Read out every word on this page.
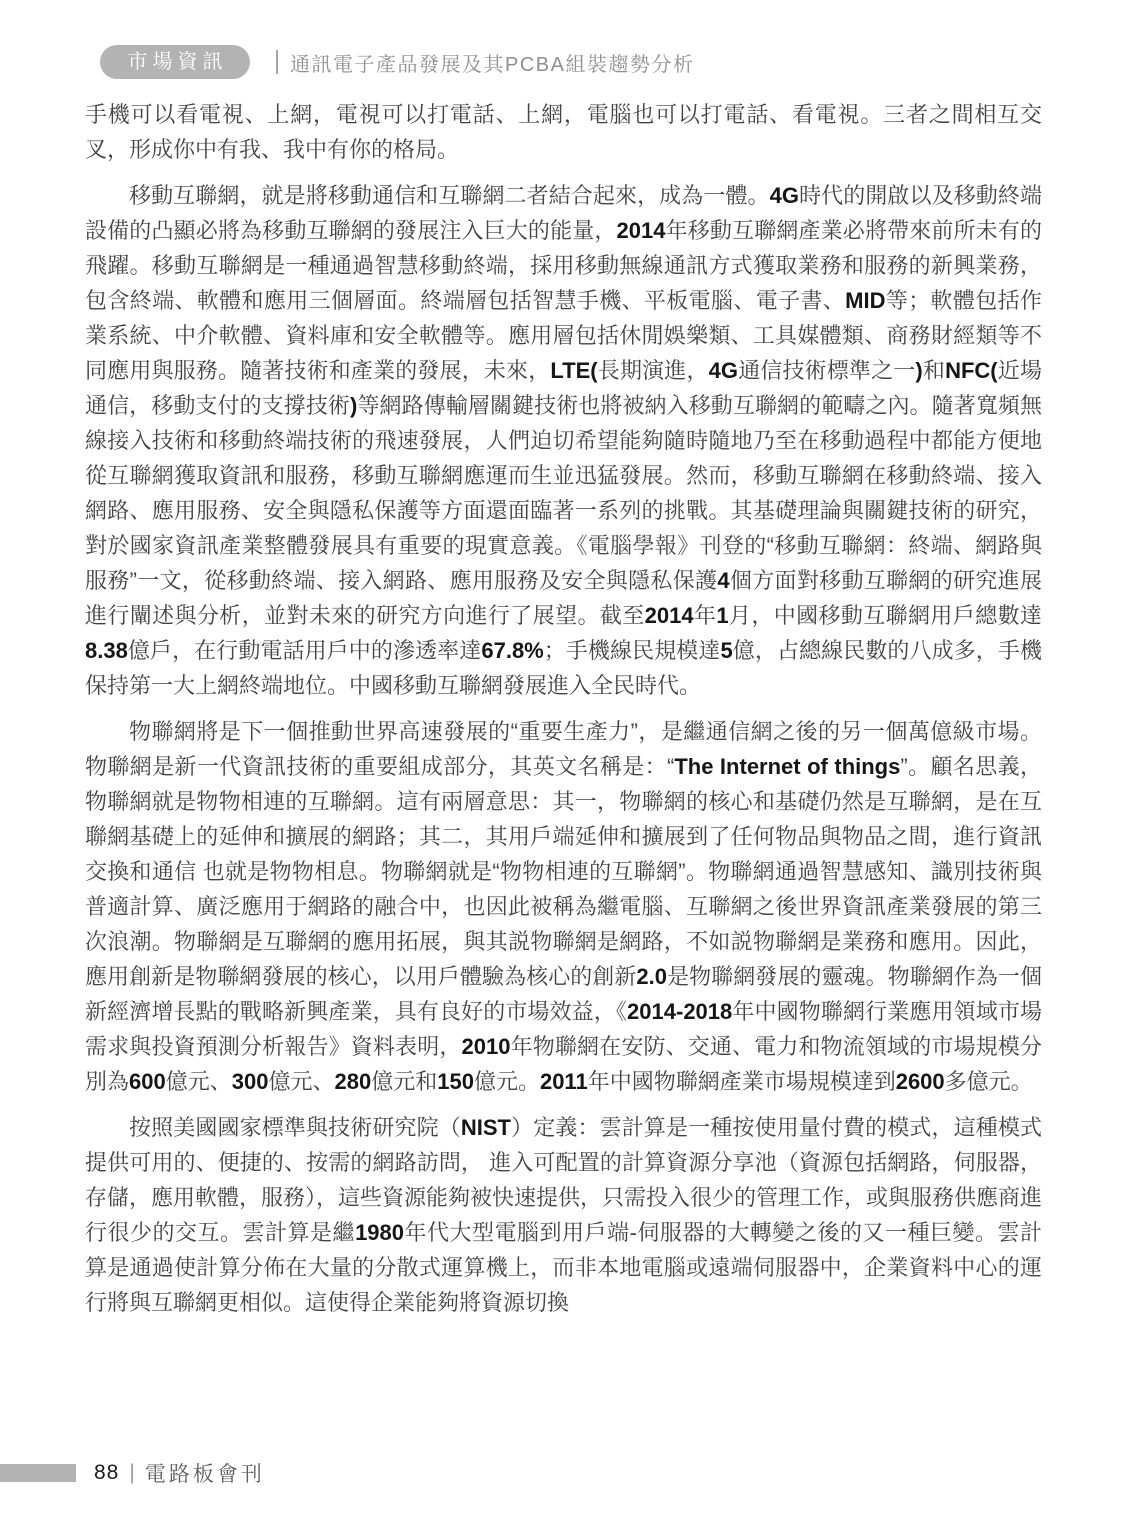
市場資訊	通訊電子產品發展及其PCBA組裝趨勢分析

手機可以看電視、上網，電視可以打電話、上網，電腦也可以打電話、看電視。三者之間相互交叉，形成你中有我、我中有你的格局。

移動互聯網，就是將移動通信和互聯網二者結合起來，成為一體。4G時代的開啟以及移動終端設備的凸顯必將為移動互聯網的發展注入巨大的能量，2014年移動互聯網產業必將帶來前所未有的飛躍。移動互聯網是一種通過智慧移動終端，採用移動無線通訊方式獲取業務和服務的新興業務，包含終端、軟體和應用三個層面。終端層包括智慧手機、平板電腦、電子書、MID等；軟體包括作業系統、中介軟體、資料庫和安全軟體等。應用層包括休閒娛樂類、工具媒體類、商務財經類等不同應用與服務。隨著技術和產業的發展，未來，LTE(長期演進，4G通信技術標準之一)和NFC(近場通信，移動支付的支撐技術)等網路傳輸層關鍵技術也將被納入移動互聯網的範疇之內。隨著寬頻無線接入技術和移動終端技術的飛速發展，人們迫切希望能夠隨時隨地乃至在移動過程中都能方便地從互聯網獲取資訊和服務，移動互聯網應運而生並迅猛發展。然而，移動互聯網在移動終端、接入網路、應用服務、安全與隱私保護等方面還面臨著一系列的挑戰。其基礎理論與關鍵技術的研究，對於國家資訊產業整體發展具有重要的現實意義。《電腦學報》刊登的“移動互聯網：終端、網路與服務”一文，從移動終端、接入網路、應用服務及安全與隱私保護4個方面對移動互聯網的研究進展進行闡述與分析，並對未來的研究方向進行了展望。截至2014年1月，中國移動互聯網用戶總數達8.38億戶，在行動電話用戶中的滲透率達67.8%；手機線民規模達5億，占總線民數的八成多，手機保持第一大上網終端地位。中國移動互聯網發展進入全民時代。

物聯網將是下一個推動世界高速發展的“重要生產力”，是繼通信網之後的另一個萬億級市場。物聯網是新一代資訊技術的重要組成部分，其英文名稱是：“The Internet of things”。顧名思義，物聯網就是物物相連的互聯網。這有兩層意思：其一，物聯網的核心和基礎仍然是互聯網，是在互聯網基礎上的延伸和擴展的網路；其二，其用戶端延伸和擴展到了任何物品與物品之間，進行資訊交換和通信 也就是物物相息。物聯網就是“物物相連的互聯網”。物聯網通過智慧感知、識別技術與普適計算、廣泛應用于網路的融合中，也因此被稱為繼電腦、互聯網之後世界資訊產業發展的第三次浪潮。物聯網是互聯網的應用拓展，與其説物聯網是網路，不如説物聯網是業務和應用。因此，應用創新是物聯網發展的核心，以用戶體驗為核心的創新2.0是物聯網發展的靈魂。物聯網作為一個新經濟增長點的戰略新興產業，具有良好的市場效益，《2014-2018年中國物聯網行業應用領域市場需求與投資預測分析報告》資料表明，2010年物聯網在安防、交通、電力和物流領域的市場規模分別為600億元、300億元、280億元和150億元。2011年中國物聯網產業市場規模達到2600多億元。

按照美國國家標準與技術研究院（NIST）定義：雲計算是一種按使用量付費的模式，這種模式提供可用的、便捷的、按需的網路訪問， 進入可配置的計算資源分享池（資源包括網路，伺服器，存儲，應用軟體，服務），這些資源能夠被快速提供，只需投入很少的管理工作，或與服務供應商進行很少的交互。雲計算是繼1980年代大型電腦到用戶端-伺服器的大轉變之後的又一種巨變。雲計算是通過使計算分佈在大量的分散式運算機上，而非本地電腦或遠端伺服器中，企業資料中心的運行將與互聯網更相似。這使得企業能夠將資源切換

88 | 電路板會刊
